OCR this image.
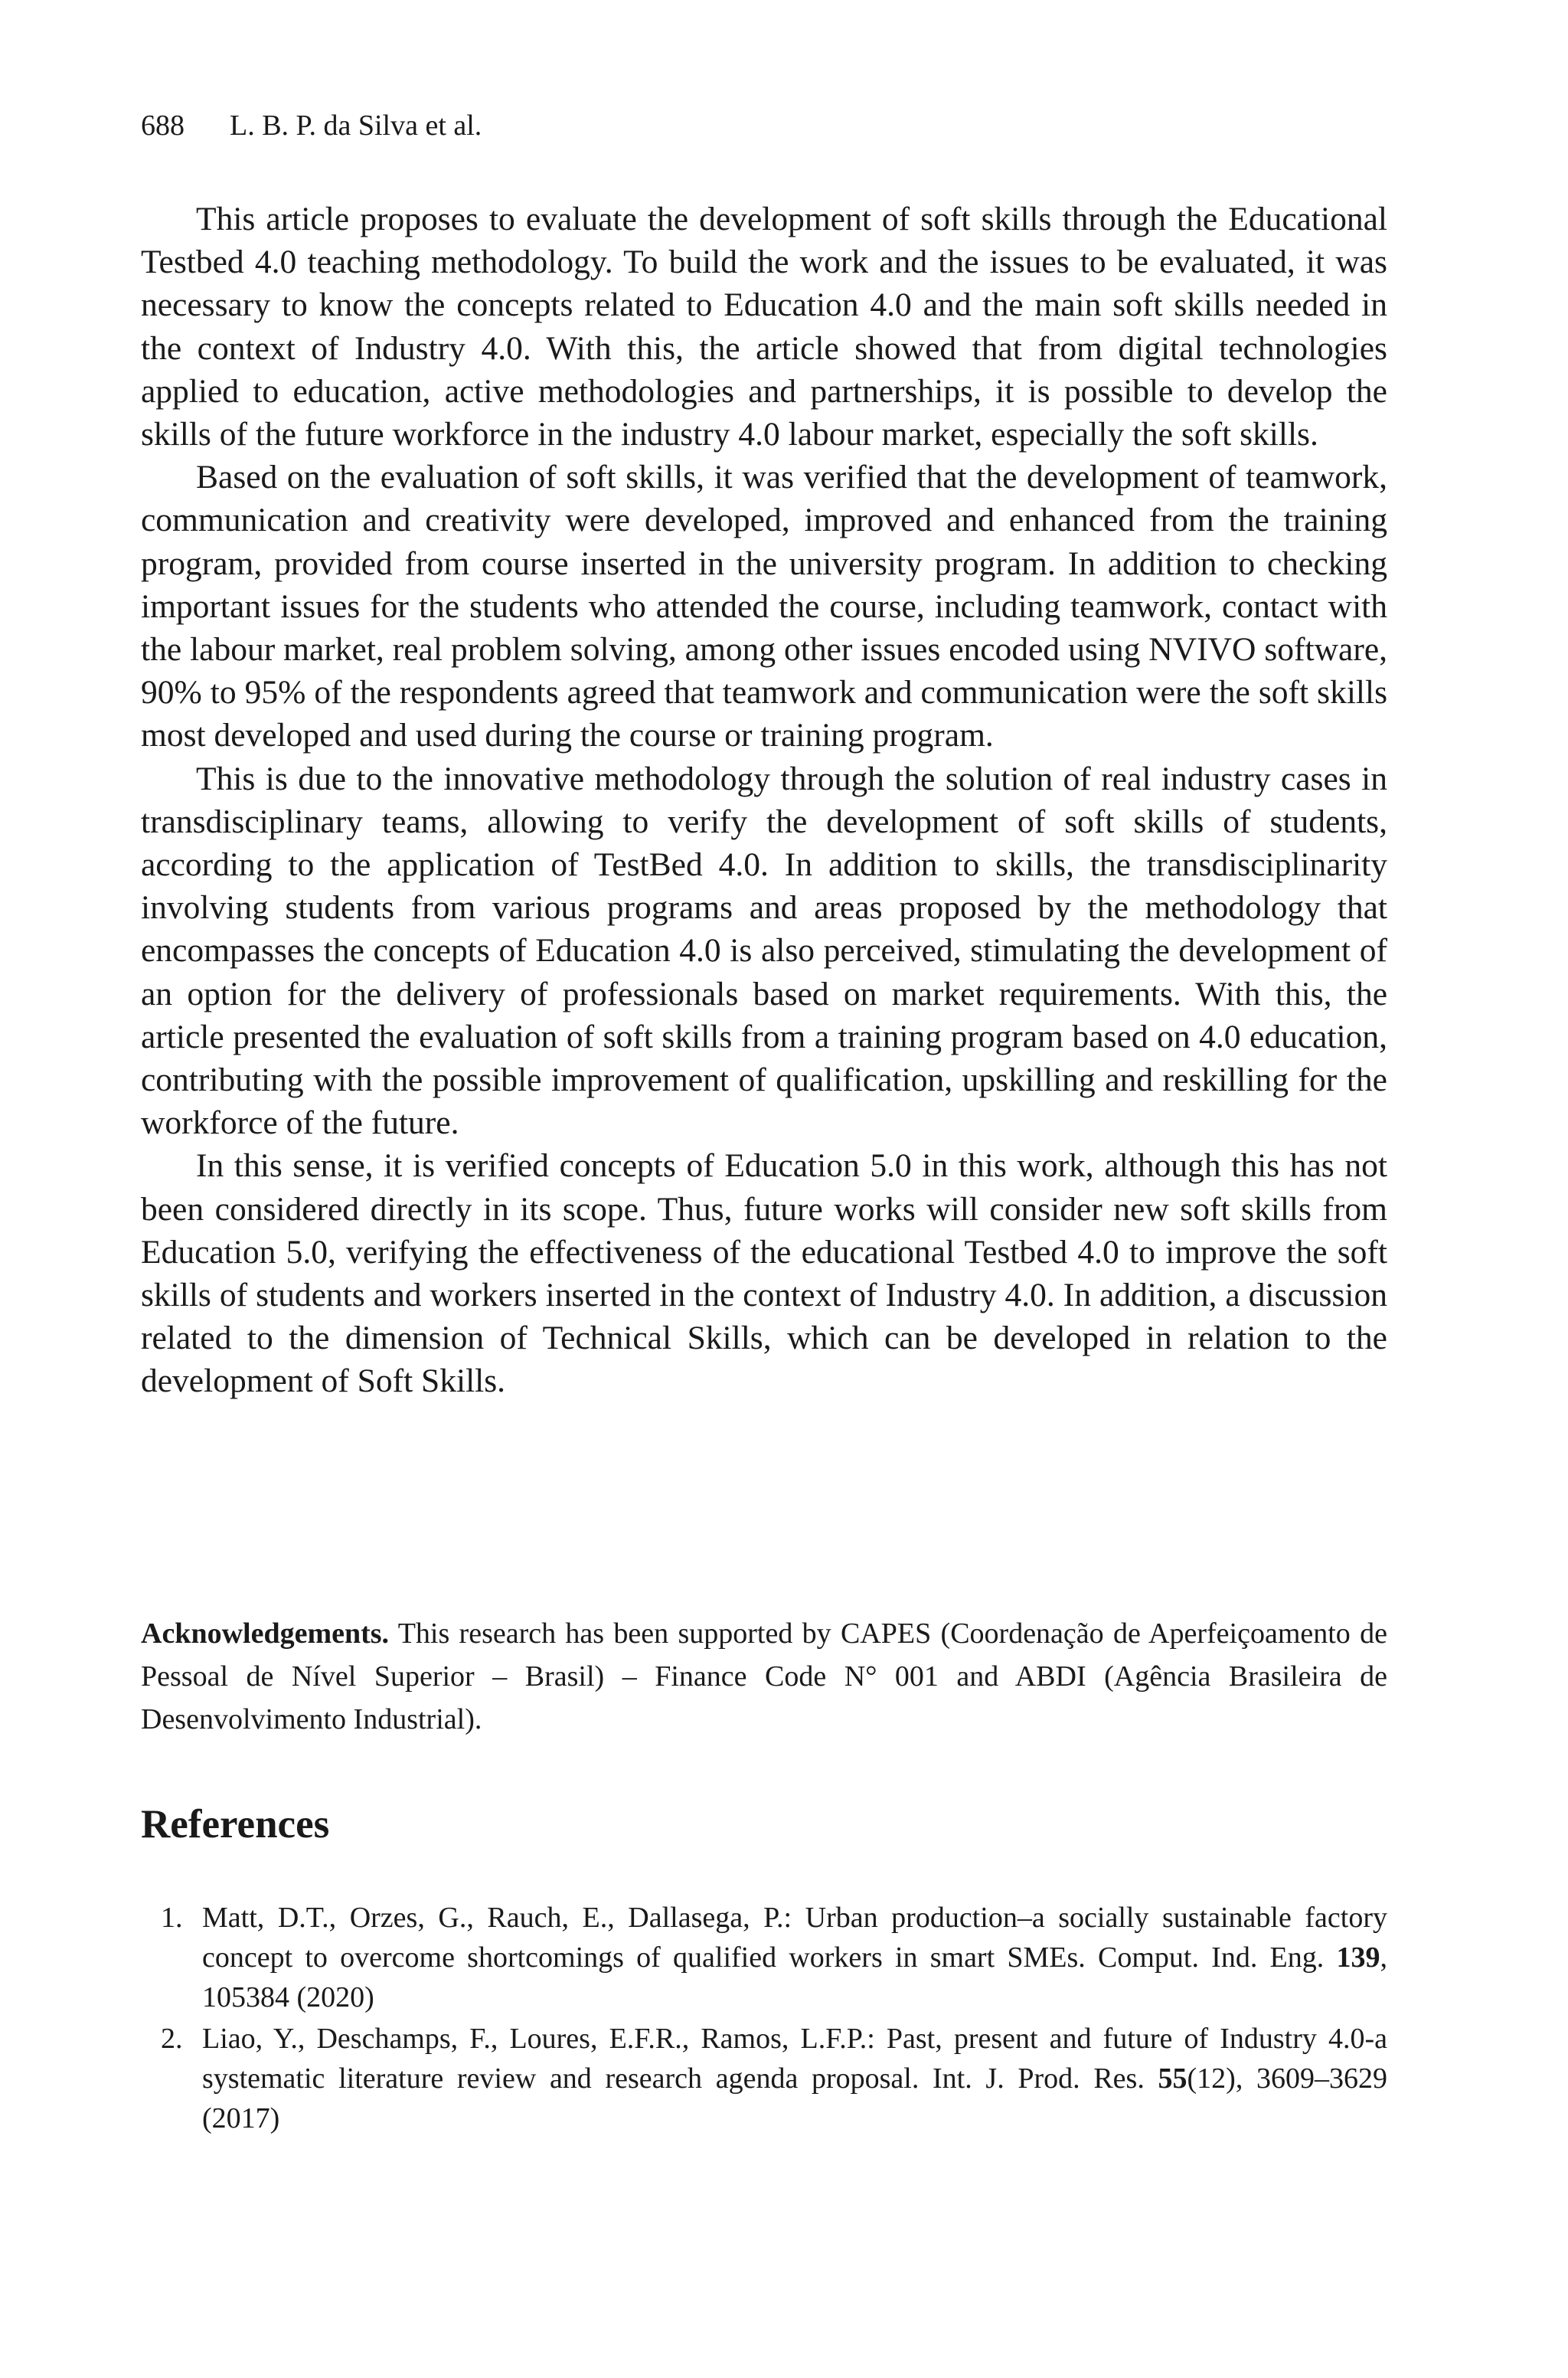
688 L. B. P. da Silva et al.

This article proposes to evaluate the development of soft skills through the Educational Testbed 4.0 teaching methodology. To build the work and the issues to be evaluated, it was necessary to know the concepts related to Education 4.0 and the main soft skills needed in the context of Industry 4.0. With this, the article showed that from digital technologies applied to education, active methodologies and partnerships, it is possible to develop the skills of the future workforce in the industry 4.0 labour market, especially the soft skills.

Based on the evaluation of soft skills, it was verified that the development of teamwork, communication and creativity were developed, improved and enhanced from the training program, provided from course inserted in the university program. In addition to checking important issues for the students who attended the course, including teamwork, contact with the labour market, real problem solving, among other issues encoded using NVIVO software, 90% to 95% of the respondents agreed that teamwork and communication were the soft skills most developed and used during the course or training program.

This is due to the innovative methodology through the solution of real industry cases in transdisciplinary teams, allowing to verify the development of soft skills of students, according to the application of TestBed 4.0. In addition to skills, the transdisciplinarity involving students from various programs and areas proposed by the methodology that encompasses the concepts of Education 4.0 is also perceived, stimulating the development of an option for the delivery of professionals based on market requirements. With this, the article presented the evaluation of soft skills from a training program based on 4.0 education, contributing with the possible improvement of qualification, upskilling and reskilling for the workforce of the future.

In this sense, it is verified concepts of Education 5.0 in this work, although this has not been considered directly in its scope. Thus, future works will consider new soft skills from Education 5.0, verifying the effectiveness of the educational Testbed 4.0 to improve the soft skills of students and workers inserted in the context of Industry 4.0. In addition, a discussion related to the dimension of Technical Skills, which can be developed in relation to the development of Soft Skills.

Acknowledgements. This research has been supported by CAPES (Coordenação de Aperfeiçoamento de Pessoal de Nível Superior – Brasil) – Finance Code N° 001 and ABDI (Agência Brasileira de Desenvolvimento Industrial).
References
1. Matt, D.T., Orzes, G., Rauch, E., Dallasega, P.: Urban production–a socially sustainable factory concept to overcome shortcomings of qualified workers in smart SMEs. Comput. Ind. Eng. 139, 105384 (2020)
2. Liao, Y., Deschamps, F., Loures, E.F.R., Ramos, L.F.P.: Past, present and future of Industry 4.0-a systematic literature review and research agenda proposal. Int. J. Prod. Res. 55(12), 3609–3629 (2017)
